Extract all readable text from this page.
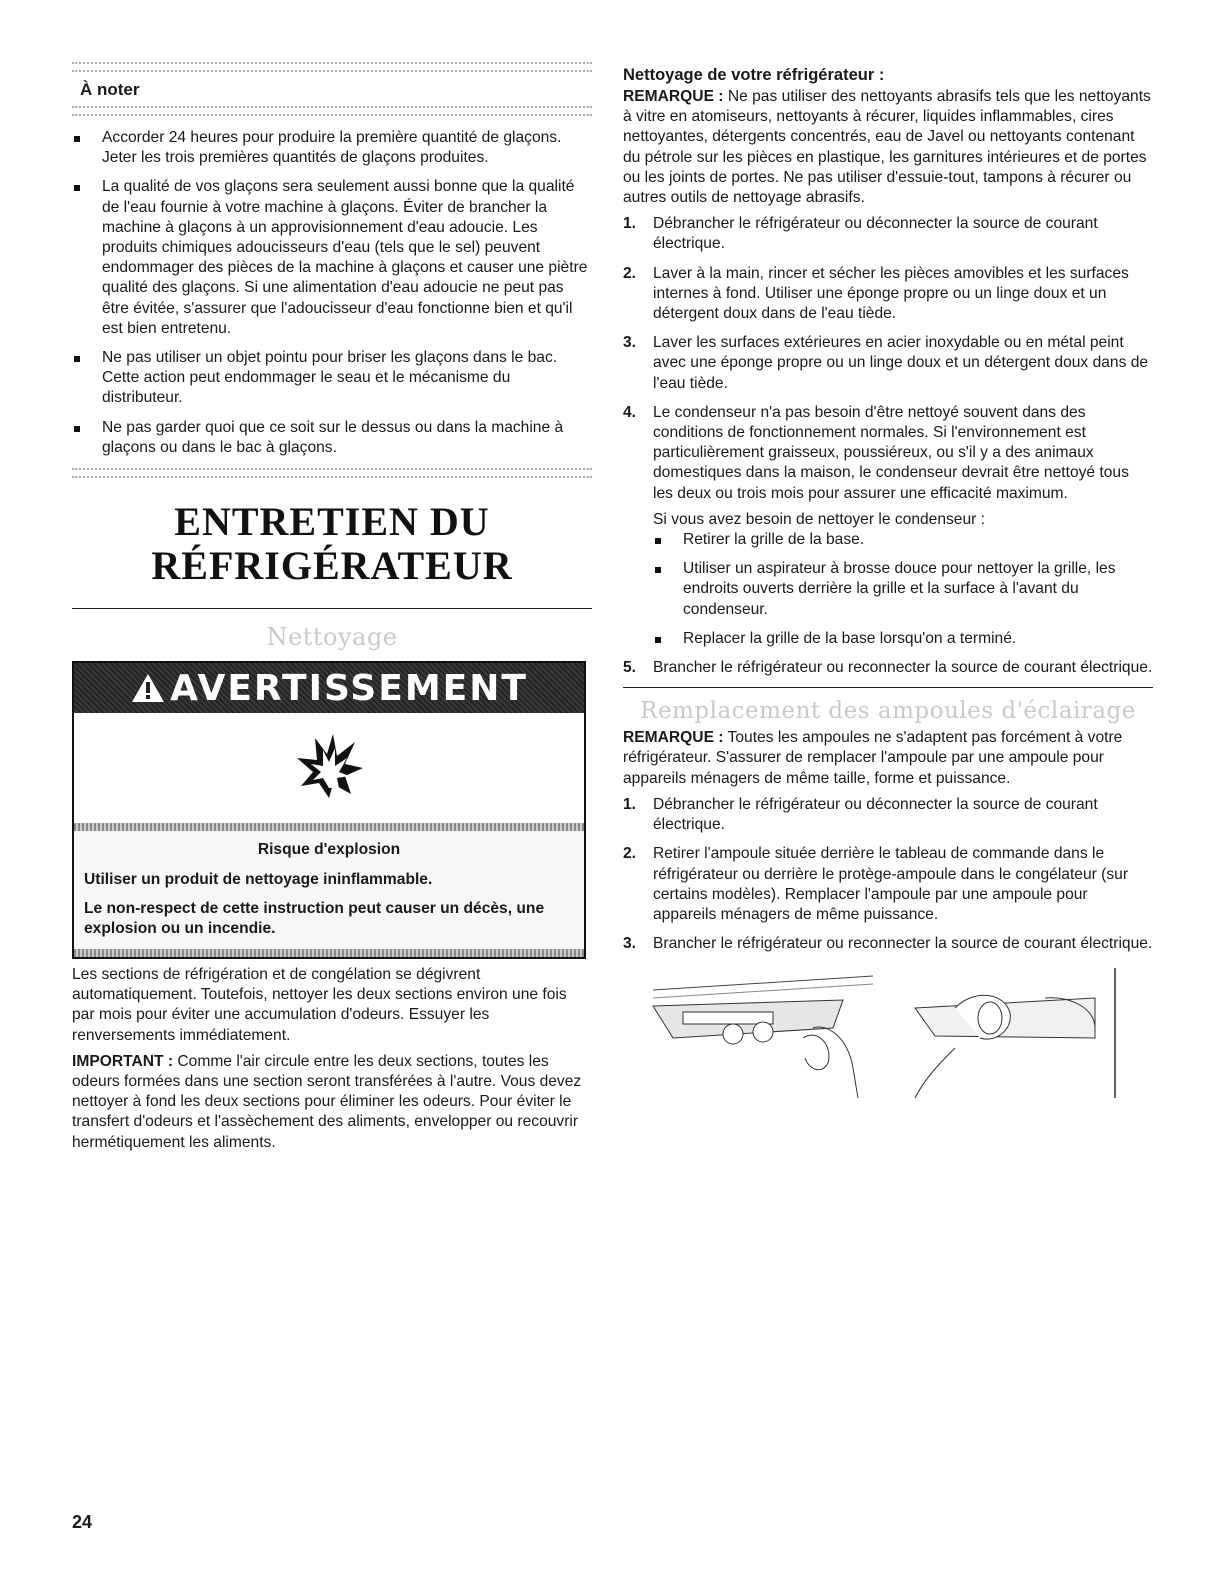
À noter
Accorder 24 heures pour produire la première quantité de glaçons. Jeter les trois premières quantités de glaçons produites.
La qualité de vos glaçons sera seulement aussi bonne que la qualité de l'eau fournie à votre machine à glaçons. Éviter de brancher la machine à glaçons à un approvisionnement d'eau adoucie. Les produits chimiques adoucisseurs d'eau (tels que le sel) peuvent endommager des pièces de la machine à glaçons et causer une piètre qualité des glaçons. Si une alimentation d'eau adoucie ne peut pas être évitée, s'assurer que l'adoucisseur d'eau fonctionne bien et qu'il est bien entretenu.
Ne pas utiliser un objet pointu pour briser les glaçons dans le bac. Cette action peut endommager le seau et le mécanisme du distributeur.
Ne pas garder quoi que ce soit sur le dessus ou dans la machine à glaçons ou dans le bac à glaçons.
ENTRETIEN DU
RÉFRIGÉRATEUR
Nettoyage
AVERTISSEMENT
Risque d'explosion
Utiliser un produit de nettoyage ininflammable.
Le non-respect de cette instruction peut causer un décès, une explosion ou un incendie.

Les sections de réfrigération et de congélation se dégivrent automatiquement. Toutefois, nettoyer les deux sections environ une fois par mois pour éviter une accumulation d'odeurs. Essuyer les renversements immédiatement.

IMPORTANT : Comme l'air circule entre les deux sections, toutes les odeurs formées dans une section seront transférées à l'autre. Vous devez nettoyer à fond les deux sections pour éliminer les odeurs. Pour éviter le transfert d'odeurs et l'assèchement des aliments, envelopper ou recouvrir hermétiquement les aliments.

Nettoyage de votre réfrigérateur :

REMARQUE : Ne pas utiliser des nettoyants abrasifs tels que les nettoyants à vitre en atomiseurs, nettoyants à récurer, liquides inflammables, cires nettoyantes, détergents concentrés, eau de Javel ou nettoyants contenant du pétrole sur les pièces en plastique, les garnitures intérieures et de portes ou les joints de portes. Ne pas utiliser d'essuie-tout, tampons à récurer ou autres outils de nettoyage abrasifs.

1. Débrancher le réfrigérateur ou déconnecter la source de courant électrique.
2. Laver à la main, rincer et sécher les pièces amovibles et les surfaces internes à fond. Utiliser une éponge propre ou un linge doux et un détergent doux dans de l'eau tiède.
3. Laver les surfaces extérieures en acier inoxydable ou en métal peint avec une éponge propre ou un linge doux et un détergent doux dans de l'eau tiède.
4. Le condenseur n'a pas besoin d'être nettoyé souvent dans des conditions de fonctionnement normales. Si l'environnement est particulièrement graisseux, poussiéreux, ou s'il y a des animaux domestiques dans la maison, le condenseur devrait être nettoyé tous les deux ou trois mois pour assurer une efficacité maximum.
Si vous avez besoin de nettoyer le condenseur :
Retirer la grille de la base.
Utiliser un aspirateur à brosse douce pour nettoyer la grille, les endroits ouverts derrière la grille et la surface à l'avant du condenseur.
Replacer la grille de la base lorsqu'on a terminé.
5. Brancher le réfrigérateur ou reconnecter la source de courant électrique.
Remplacement des ampoules d'éclairage

REMARQUE : Toutes les ampoules ne s'adaptent pas forcément à votre réfrigérateur. S'assurer de remplacer l'ampoule par une ampoule pour appareils ménagers de même taille, forme et puissance.

1. Débrancher le réfrigérateur ou déconnecter la source de courant électrique.
2. Retirer l'ampoule située derrière le tableau de commande dans le réfrigérateur ou derrière le protège-ampoule dans le congélateur (sur certains modèles). Remplacer l'ampoule par une ampoule pour appareils ménagers de même puissance.
3. Brancher le réfrigérateur ou reconnecter la source de courant électrique.
24
